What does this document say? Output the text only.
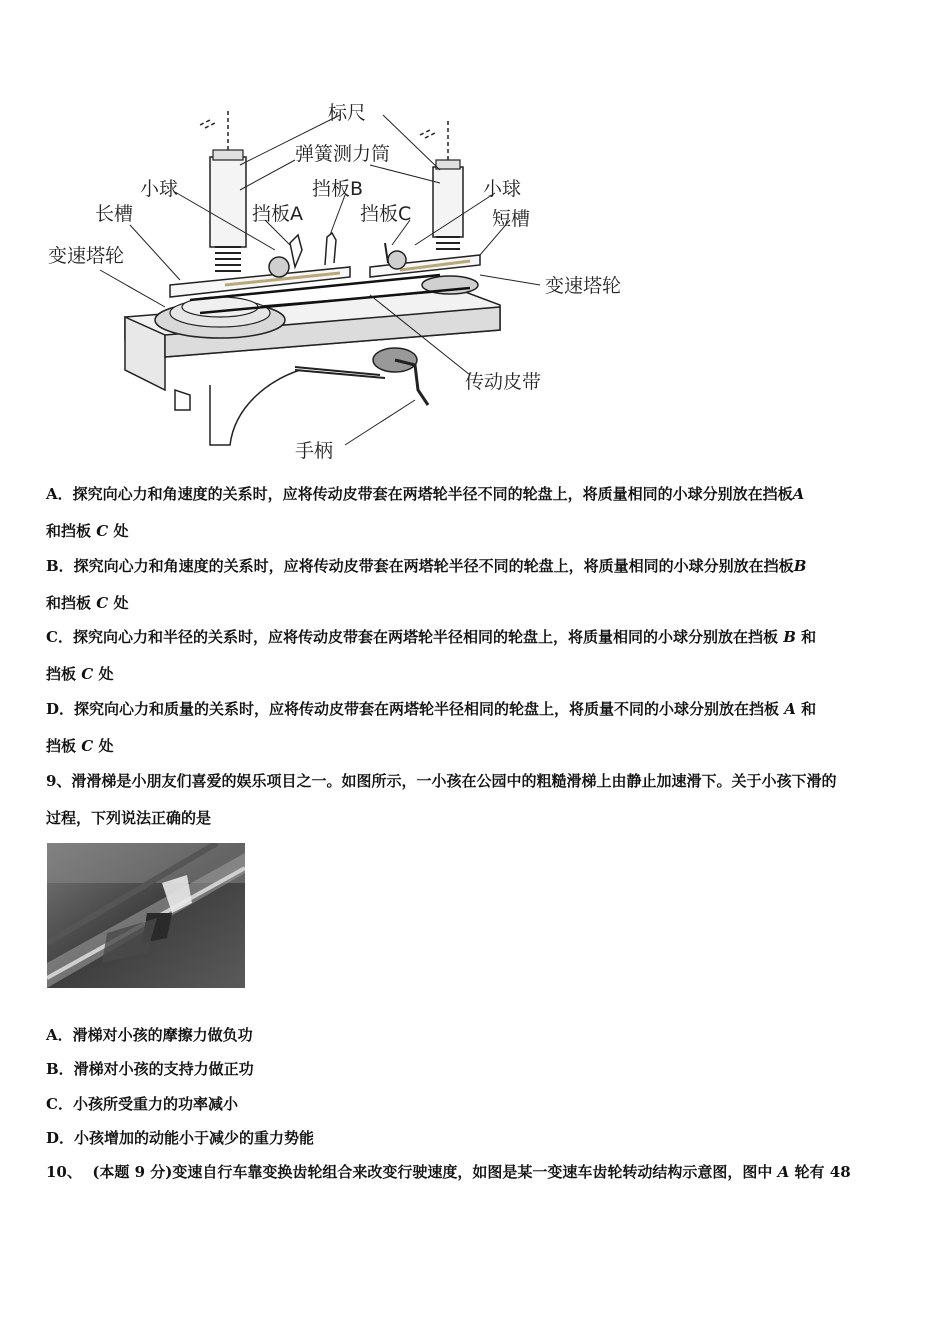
标尺
弹簧测力筒
小球	挡板B	小球
长槽	挡板A	挡板C	短槽
变速塔轮
变速塔轮
传动皮带
手柄
A．探究向心力和角速度的关系时，应将传动皮带套在两塔轮半径不同的轮盘上，将质量相同的小球分别放在挡板A
和挡板 C 处
B．探究向心力和角速度的关系时，应将传动皮带套在两塔轮半径不同的轮盘上，将质量相同的小球分别放在挡板B
和挡板 C 处
C．探究向心力和半径的关系时，应将传动皮带套在两塔轮半径相同的轮盘上，将质量相同的小球分别放在挡板 B 和
挡板 C 处
D．探究向心力和质量的关系时，应将传动皮带套在两塔轮半径相同的轮盘上，将质量不同的小球分别放在挡板 A 和
挡板 C 处
9、滑滑梯是小朋友们喜爱的娱乐项目之一。如图所示，一小孩在公园中的粗糙滑梯上由静止加速滑下。关于小孩下滑的
过程，下列说法正确的是
A．滑梯对小孩的摩擦力做负功
B．滑梯对小孩的支持力做正功
C．小孩所受重力的功率减小
D．小孩增加的动能小于减少的重力势能
10、 (本题 9 分)变速自行车靠变换齿轮组合来改变行驶速度，如图是某一变速车齿轮转动结构示意图，图中 A 轮有 48
